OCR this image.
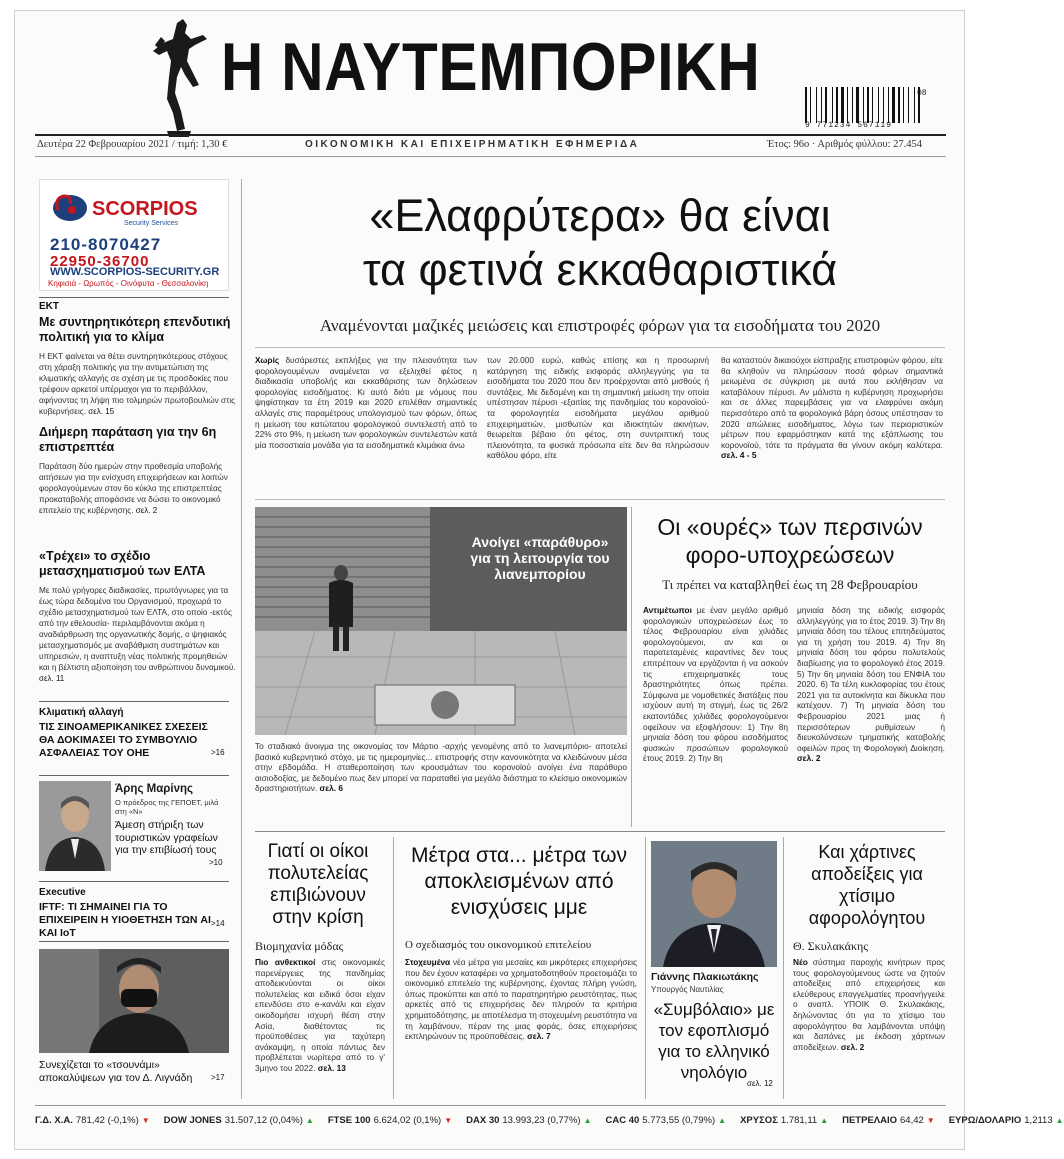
Η ΝΑΥΤΕΜΠΟΡΙΚΗ	08
9 771234 567119
Δευτέρα 22 Φεβρουαρίου 2021 / τιμή: 1,30 €	ΟΙΚΟΝΟΜΙΚΗ ΚΑΙ ΕΠΙΧΕΙΡΗΜΑΤΙΚΗ ΕΦΗΜΕΡΙΔΑ	Έτος: 96ο · Αριθμός φύλλου: 27.454
SCORPIOS
Security Services
210-8070427
22950-36700
WWW.SCORPIOS-SECURITY.GR
Κηφισιά - Ωρωπός - Οινόφυτα - Θεσσαλονίκη
ΕΚΤ
Με συντηρητικότερη επενδυτική πολιτική για το κλίμα
Η ΕΚΤ φαίνεται να θέτει συντηρητικότερους στόχους στη χάραξη πολιτικής για την αντιμετώπιση της κλιματικής αλλαγής σε σχέση με τις προσδοκίες που τρέφουν αρκετοί υπέρμαχοι για το περιβάλλον, αφήνοντας τη λήψη πιο τολμηρών πρωτοβουλιών στις κυβερνήσεις. σελ. 15
Διήμερη παράταση για την 6η επιστρεπτέα
Παράταση δύο ημερών στην προθεσμία υποβολής αιτήσεων για την ενίσχυση επιχειρήσεων και λοιπών φορολογούμενων στον 6ο κύκλο της επιστρεπτέας προκαταβολής αποφάσισε να δώσει το οικονομικό επιτελείο της κυβέρνησης. σελ. 2
«Τρέχει» το σχέδιο μετασχηματισμού των ΕΛΤΑ
Με πολύ γρήγορες διαδικασίες, πρωτόγνωρες για τα έως τώρα δεδομένα του Οργανισμού, προχωρά το σχέδιο μετασχηματισμού των ΕΛΤΑ, στο οποίο -εκτός από την εθελουσία- περιλαμβάνονται ακόμα η αναδιάρθρωση της οργανωτικής δομής, ο ψηφιακός μετασχηματισμός με αναβάθμιση συστημάτων και υπηρεσιών, η αναπτυξη νέας πολιτικής προμηθειών και η βέλτιστη αξιοποίηση του ανθρώπινου δυναμικού. σελ. 11
Κλιματική αλλαγή
ΤΙΣ ΣΙΝΟΑΜΕΡΙΚΑΝΙΚΕΣ ΣΧΕΣΕΙΣ ΘΑ ΔΟΚΙΜΑΣΕΙ ΤΟ ΣΥΜΒΟΥΛΙΟ ΑΣΦΑΛΕΙΑΣ ΤΟΥ ΟΗΕ	>16
Άρης Μαρίνης
Ο πρόεδρος της ΓΕΠΟΕΤ, μιλά στη «Ν»
Άμεση στήριξη των τουριστικών γραφείων για την επιβίωσή τους
>10
Executive
IFTF: ΤΙ ΣΗΜΑΙΝΕΙ ΓΙΑ ΤΟ ΕΠΙΧΕΙΡΕΙΝ Η ΥΙΟΘΕΤΗΣΗ ΤΩΝ AI ΚΑΙ IoT
>14
Συνεχίζεται το «τσουνάμι» αποκαλύψεων για τον Δ. Λιγνάδη	>17
«Ελαφρύτερα» θα είναι
τα φετινά εκκαθαριστικά
Αναμένονται μαζικές μειώσεις και επιστροφές φόρων για τα εισοδήματα του 2020
Χωρίς δυσάρεστες εκπλήξεις για την πλειονότητα των φορολογουμένων αναμένεται να εξελιχθεί φέτος η διαδικασία υποβολής και εκκαθάρισης των δηλώσεων φορολογίας εισοδήματος. Κι αυτό διότι με νόμους που ψηφίστηκαν τα έτη 2019 και 2020 επιλέθαν σημαντικές αλλαγές στις παραμέτρους υπολογισμού των φόρων, όπως η μείωση του κατώτατου φορολογικού συντελεστή από το 22% στο 9%, η μείωση των φορολογικών συντελεστών κατά μία ποσοστιαία μονάδα για τα εισοδηματικά κλιμάκια άνω
των 20.000 ευρώ, καθώς επίσης και η προσωρινή κατάργηση της ειδικής εισφοράς αλληλεγγύης για τα εισοδήματα του 2020 που δεν προέρχονται από μισθούς ή συντάξεις. Με δεδομένη και τη σημαντική μείωση την οποία υπέστησαν πέρυσι -εξαιτίας της πανδημίας του κορονοϊού- τα φορολογητέα εισοδήματα μεγάλου αριθμού επιχειρηματιών, μισθωτών και ιδιοκτητών ακινήτων, θεωρείται βέβαιο ότι φέτος, στη συντριπτική τους πλειονότητα, τα φυσικά πρόσωπα είτε δεν θα πληρώσουν καθόλου φόρο, είτε
θα καταστούν δικαιούχοι είσπραξης επιστροφών φόρου, είτε θα κληθούν να πληρώσουν ποσά φόρων σημαντικά μειωμένα σε σύγκριση με αυτά που εκλήθησαν να καταβάλουν πέρυσι. Αν μάλιστα η κυβέρνηση προχωρήσει και σε άλλες παρεμβάσεις για να ελαφρύνει ακόμη περισσότερο από τα φορολογικά βάρη όσους υπέστησαν το 2020 απώλειες εισοδήματος, λόγω των περιοριστικών μέτρων που εφαρμόστηκαν κατά της εξάπλωσης του κορονοϊού, τότε τα πράγματα θα γίνουν ακόμη καλύτερα. σελ. 4 - 5
Ανοίγει «παράθυρο» για τη λειτουργία του λιανεμπορίου
Το σταδιακό άνοιγμα της οικονομίας τον Μάρτιο -αρχής γενομένης από το λιανεμπόριο- αποτελεί βασικό κυβερνητικό στόχο, με τις ημερομηνίες... επιστροφής στην κανονικότητα να κλειδώνουν μέσα στην εβδομάδα. Η σταθεροποίηση των κρουσμάτων του κορονοϊού ανοίγει ένα παράθυρο αισιοδοξίας, με δεδομένο πως δεν μπορεί να παραταθεί για μεγάλο διάστημα το κλείσιμο οικονομικών δραστηριοτήτων. σελ. 6
Οι «ουρές» των περσινών φορο-υποχρεώσεων
Τι πρέπει να καταβληθεί έως τη 28 Φεβρουαρίου
Αντιμέτωποι με έναν μεγάλο αριθμό φορολογικών υποχρεώσεων έως το τέλος Φεβρουαρίου είναι χιλιάδες φορολογούμενοι, αν και οι παρατεταμένες καραντίνες δεν τους επιτρέπουν να εργάζονται ή να ασκούν τις επιχειρηματικές τους δραστηριότητες όπως πρέπει. Σύμφωνα με νομοθετικές διατάξεις που ισχύουν αυτή τη στιγμή, έως τις 26/2 εκατοντάδες χιλιάδες φορολογούμενοι οφείλουν να εξοφλήσουν: 1) Την 8η μηνιαία δόση του φόρου εισοδήματος φυσικών προσώπων φορολογικού έτους 2019. 2) Την 8η
μηνιαία δόση της ειδικής εισφοράς αλληλεγγύης για το έτος 2019. 3) Την 8η μηνιαία δόση του τέλους επιτηδεύματος για τη χρήση του 2019. 4) Την 8η μηνιαία δόση του φόρου πολυτελούς διαβίωσης για το φορολογικό έτος 2019. 5) Την 6η μηνιαία δόση του ΕΝΦΙΑ του 2020. 6) Τα τέλη κυκλοφορίας του έτους 2021 για τα αυτοκίνητα και δίκυκλα που κατέχουν. 7) Τη μηνιαία δόση του Φεβρουαρίου 2021 μιας ή περισσότερων ρυθμίσεων ή διευκολύνσεων τμηματικής καταβολής οφειλών προς τη Φορολογική Διοίκηση. σελ. 2
Γιατί οι οίκοι πολυτελείας επιβιώνουν στην κρίση
Βιομηχανία μόδας
Πιο ανθεκτικοί στις οικονομικές παρενέργειες της πανδημίας αποδεικνύονται οι οίκοι πολυτελείας και ειδικά όσοι είχαν επενδύσει στο e-κανάλι και είχαν οικοδομήσει ισχυρή θέση στην Ασία, διαθέτοντας τις προϋποθέσεις για ταχύτερη ανάκαμψη, η οποία πάντως δεν προβλέπεται νωρίτερα από το γ' 3μηνο του 2022. σελ. 13
Μέτρα στα... μέτρα των αποκλεισμένων από ενισχύσεις μμε
Ο σχεδιασμός του οικονομικού επιτελείου
Στοχευμένα νέα μέτρα για μεσαίες και μικρότερες επιχειρήσεις που δεν έχουν καταφέρει να χρηματοδοτηθούν προετοιμάζει το οικονομικό επιτελείο της κυβέρνησης, έχοντας πλήρη γνώση, όπως προκύπτει και από το παρατηρητήριο ρευστότητας, πως αρκετές από τις επιχειρήσεις δεν πληρούν τα κριτήρια χρηματοδότησης, με αποτέλεσμα τη στοχευμένη ρευστότητα να τη λαμβάνουν, πέραν της μιας φοράς, όσες επιχειρήσεις εκπληρώνουν τις προϋποθέσεις. σελ. 7
Γιάννης Πλακιωτάκης
Υπουργός Ναυτιλίας
«Συμβόλαιο» με τον εφοπλισμό για το ελληνικό νηολόγιο
σελ. 12
Και χάρτινες αποδείξεις για χτίσιμο αφορολόγητου
Θ. Σκυλακάκης
Νέο σύστημα παροχής κινήτρων προς τους φορολογούμενους ώστε να ζητούν αποδείξεις από επιχειρήσεις και ελεύθερους επαγγελματίες προανήγγειλε ο αναπλ. ΥΠΟΙΚ Θ. Σκυλακάκης, δηλώνοντας ότι για το χτίσιμο του αφορολόγητου θα λαμβάνονται υπόψη και δαπάνες με έκδοση χάρτινων αποδείξεων. σελ. 2
Γ.Δ. Χ.Α. 781,42 (-0,1%) ▼ DOW JONES 31.507,12 (0,04%) ▲ FTSE 100 6.624,02 (0,1%) ▼ DAX 30 13.993,23 (0,77%) ▲ CAC 40 5.773,55 (0,79%) ▲ ΧΡΥΣΟΣ 1.781,11 ▲ ΠΕΤΡΕΛΑΙΟ 64,42 ▼ ΕΥΡΩ/ΔΟΛΑΡΙΟ 1,2113 ▲
